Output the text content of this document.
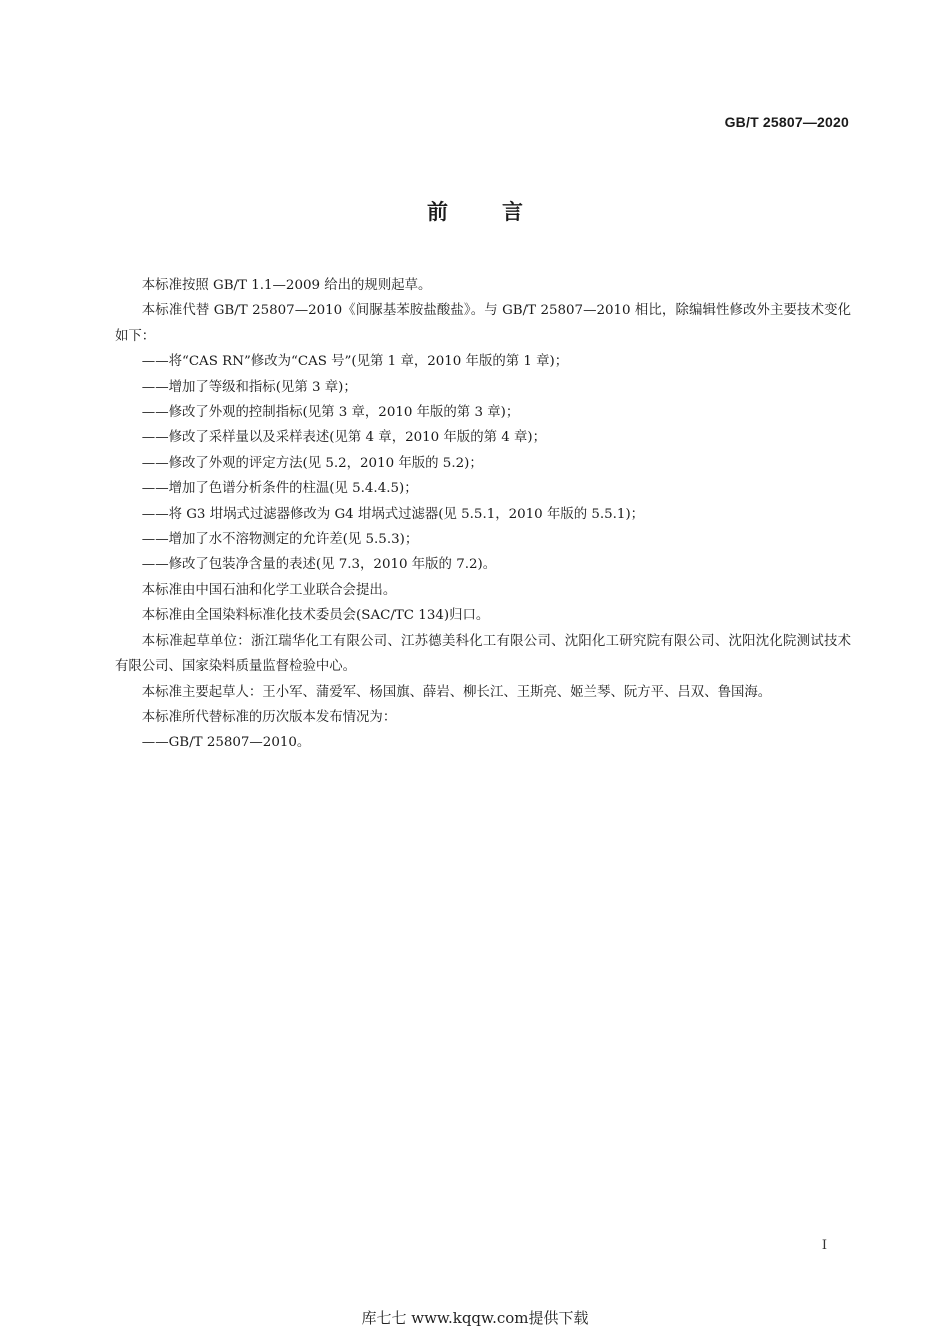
GB/T 25807—2020
前言

本标准按照 GB/T 1.1—2009 给出的规则起草。

本标准代替 GB/T 25807—2010《间脲基苯胺盐酸盐》。与 GB/T 25807—2010 相比，除编辑性修改外主要技术变化如下：

——将“CAS RN”修改为“CAS 号”(见第 1 章，2010 年版的第 1 章)；

——增加了等级和指标(见第 3 章)；

——修改了外观的控制指标(见第 3 章，2010 年版的第 3 章)；

——修改了采样量以及采样表述(见第 4 章，2010 年版的第 4 章)；

——修改了外观的评定方法(见 5.2，2010 年版的 5.2)；

——增加了色谱分析条件的柱温(见 5.4.4.5)；

——将 G3 坩埚式过滤器修改为 G4 坩埚式过滤器(见 5.5.1，2010 年版的 5.5.1)；

——增加了水不溶物测定的允许差(见 5.5.3)；

——修改了包装净含量的表述(见 7.3，2010 年版的 7.2)。

本标准由中国石油和化学工业联合会提出。

本标准由全国染料标准化技术委员会(SAC/TC 134)归口。

本标准起草单位：浙江瑞华化工有限公司、江苏德美科化工有限公司、沈阳化工研究院有限公司、沈阳沈化院测试技术有限公司、国家染料质量监督检验中心。

本标准主要起草人：王小军、蒲爱军、杨国旗、薛岩、柳长江、王斯亮、姬兰琴、阮方平、吕双、鲁国海。

本标准所代替标准的历次版本发布情况为：

——GB/T 25807—2010。

I
库七七 www.kqqw.com提供下载
